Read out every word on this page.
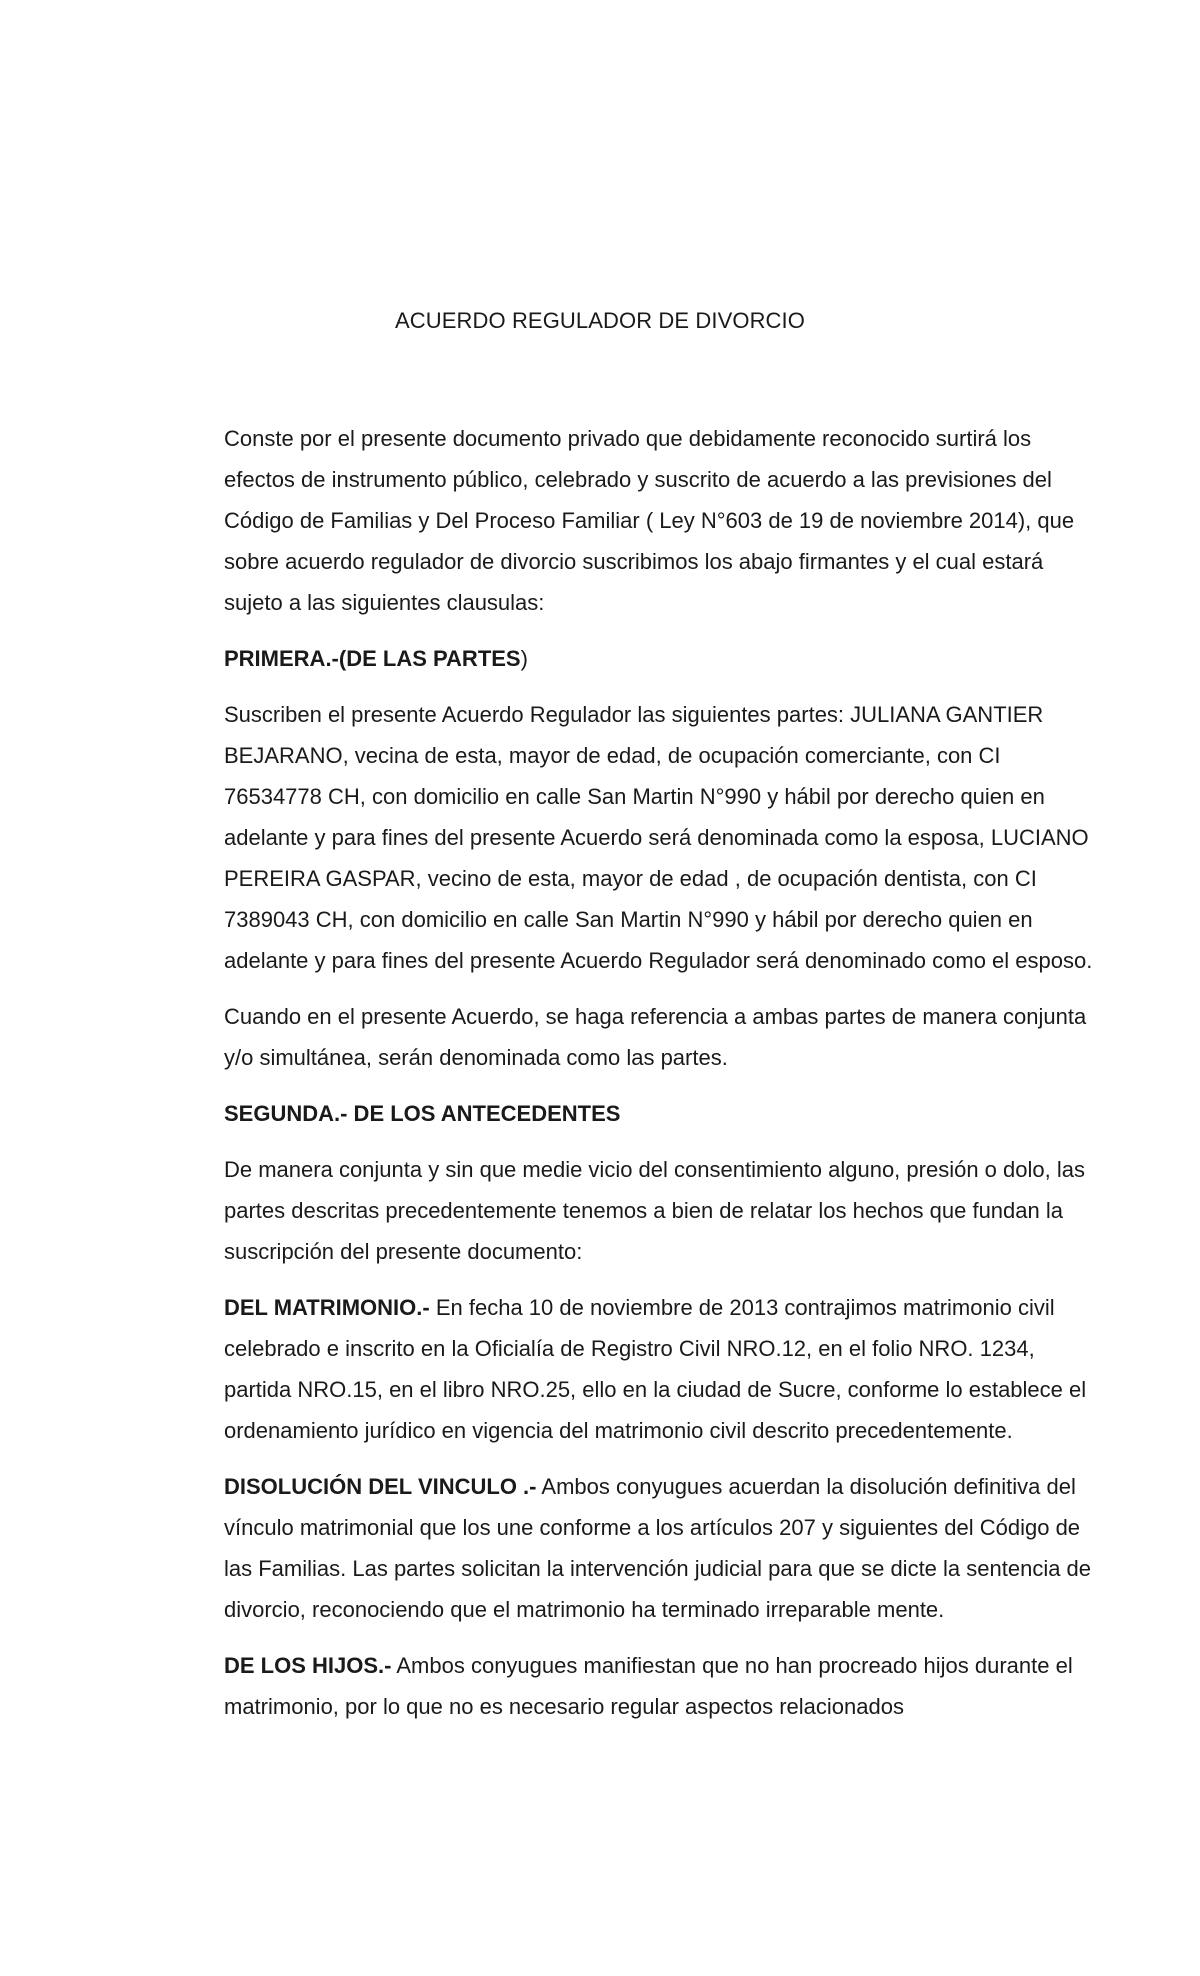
ACUERDO REGULADOR DE DIVORCIO

Conste por el presente documento privado que debidamente reconocido surtirá los efectos de instrumento público, celebrado y suscrito de acuerdo a las previsiones del Código de Familias y Del Proceso Familiar ( Ley N°603 de 19 de noviembre 2014), que sobre acuerdo regulador de divorcio suscribimos los abajo firmantes y el cual estará sujeto a las siguientes clausulas:

PRIMERA.-(DE LAS PARTES)

Suscriben el presente Acuerdo Regulador las siguientes partes: JULIANA GANTIER BEJARANO, vecina de esta, mayor de edad, de ocupación comerciante, con CI 76534778 CH, con domicilio en calle San Martin N°990 y hábil por derecho quien en adelante y para fines del presente Acuerdo será denominada como la esposa, LUCIANO PEREIRA GASPAR, vecino de esta, mayor de edad , de ocupación dentista, con CI 7389043 CH, con domicilio en calle San Martin N°990 y hábil por derecho quien en adelante y para fines del presente Acuerdo Regulador será denominado como el esposo.

Cuando en el presente Acuerdo, se haga referencia a ambas partes de manera conjunta y/o simultánea, serán denominada como las partes.

SEGUNDA.- DE LOS ANTECEDENTES

De manera conjunta y sin que medie vicio del consentimiento alguno, presión o dolo, las partes descritas precedentemente tenemos a bien de relatar los hechos que fundan la suscripción del presente documento:

DEL MATRIMONIO.- En fecha 10 de noviembre de 2013 contrajimos matrimonio civil celebrado e inscrito en la Oficialía de Registro Civil NRO.12, en el folio NRO. 1234, partida NRO.15, en el libro NRO.25, ello en la ciudad de Sucre, conforme lo establece el ordenamiento jurídico en vigencia del matrimonio civil descrito precedentemente.

DISOLUCIÓN DEL VINCULO .- Ambos conyugues acuerdan la disolución definitiva del vínculo matrimonial que los une conforme a los artículos 207 y siguientes del Código de las Familias. Las partes solicitan la intervención judicial para que se dicte la sentencia de divorcio, reconociendo que el matrimonio ha terminado irreparable mente.

DE LOS HIJOS.- Ambos conyugues manifiestan que no han procreado hijos durante el matrimonio, por lo que no es necesario regular aspectos relacionados
